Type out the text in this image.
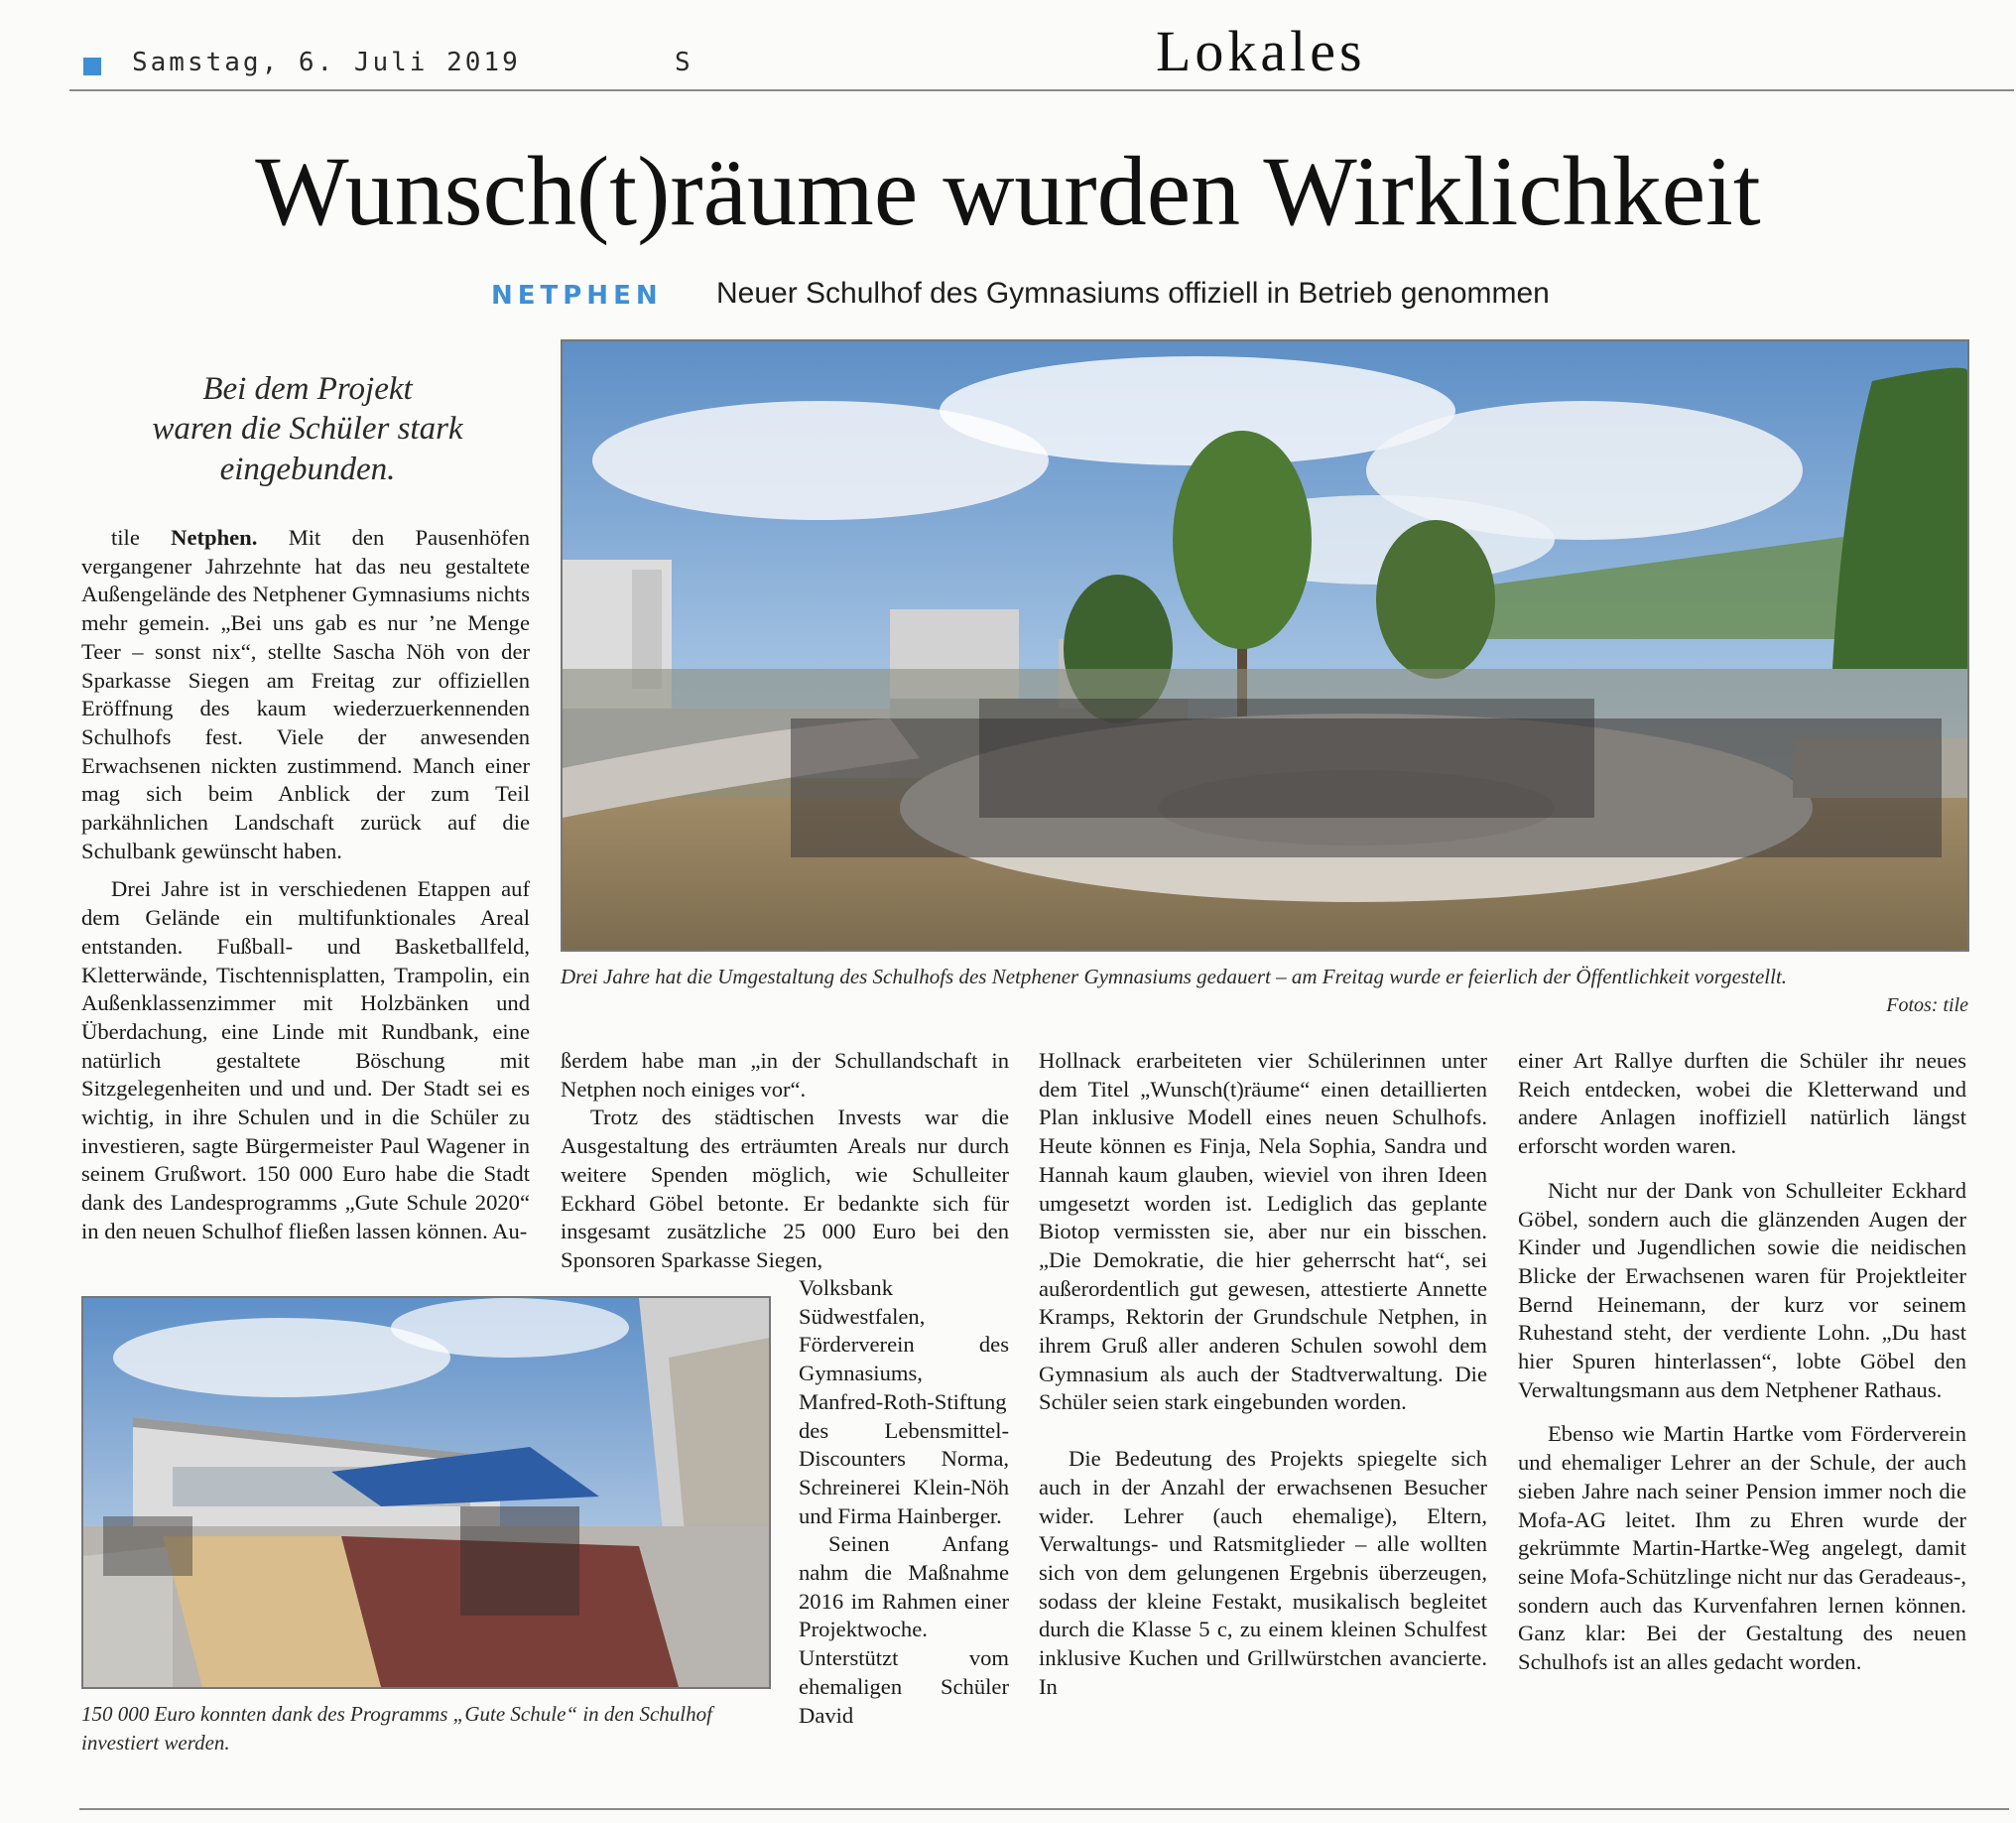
Samstag, 6. Juli 2019	S	Lokales
Wunsch(t)räume wurden Wirklichkeit
NETPHEN Neuer Schulhof des Gymnasiums offiziell in Betrieb genommen
Bei dem Projekt
waren die Schüler stark
eingebunden.
Drei Jahre hat die Umgestaltung des Schulhofs des Netphener Gymnasiums gedauert – am Freitag wurde er feierlich der Öffentlichkeit vorgestellt.
Fotos: tile
150 000 Euro konnten dank des Programms „Gute Schule“ in den Schulhof investiert werden.

tile Netphen. Mit den Pausenhöfen vergangener Jahrzehnte hat das neu gestaltete Außengelände des Netphener Gymnasiums nichts mehr gemein. „Bei uns gab es nur ’ne Menge Teer – sonst nix“, stellte Sascha Nöh von der Sparkasse Siegen am Freitag zur offiziellen Eröffnung des kaum wiederzuerkennenden Schulhofs fest. Viele der anwesenden Erwachsenen nickten zustimmend. Manch einer mag sich beim Anblick der zum Teil parkähnlichen Landschaft zurück auf die Schulbank gewünscht haben.

Drei Jahre ist in verschiedenen Etappen auf dem Gelände ein multifunktionales Areal entstanden. Fußball- und Basketballfeld, Kletterwände, Tischtennisplatten, Trampolin, ein Außenklassenzimmer mit Holzbänken und Überdachung, eine Linde mit Rundbank, eine natürlich gestaltete Böschung mit Sitzgelegenheiten und und und. Der Stadt sei es wichtig, in ihre Schulen und in die Schüler zu investieren, sagte Bürgermeister Paul Wagener in seinem Grußwort. 150 000 Euro habe die Stadt dank des Landesprogramms „Gute Schule 2020“ in den neuen Schulhof fließen lassen können. Au-

ßerdem habe man „in der Schullandschaft in Netphen noch einiges vor“.

Trotz des städtischen Invests war die Ausgestaltung des erträumten Areals nur durch weitere Spenden möglich, wie Schulleiter Eckhard Göbel betonte. Er bedankte sich für insgesamt zusätzliche 25 000 Euro bei den Sponsoren Sparkasse Siegen,

Volksbank Südwestfalen, Förderverein des Gymnasiums, Manfred-Roth-Stiftung des Lebensmittel-Discounters Norma, Schreinerei Klein-Nöh und Firma Hainberger.

Seinen Anfang nahm die Maßnahme 2016 im Rahmen einer Projektwoche. Unterstützt vom ehemaligen Schüler David

Hollnack erarbeiteten vier Schülerinnen unter dem Titel „Wunsch(t)räume“ einen detaillierten Plan inklusive Modell eines neuen Schulhofs. Heute können es Finja, Nela Sophia, Sandra und Hannah kaum glauben, wieviel von ihren Ideen umgesetzt worden ist. Lediglich das geplante Biotop vermissten sie, aber nur ein bisschen. „Die Demokratie, die hier geherrscht hat“, sei außerordentlich gut gewesen, attestierte Annette Kramps, Rektorin der Grundschule Netphen, in ihrem Gruß aller anderen Schulen sowohl dem Gymnasium als auch der Stadtverwaltung. Die Schüler seien stark eingebunden worden.

Die Bedeutung des Projekts spiegelte sich auch in der Anzahl der erwachsenen Besucher wider. Lehrer (auch ehemalige), Eltern, Verwaltungs- und Ratsmitglieder – alle wollten sich von dem gelungenen Ergebnis überzeugen, sodass der kleine Festakt, musikalisch begleitet durch die Klasse 5 c, zu einem kleinen Schulfest inklusive Kuchen und Grillwürstchen avancierte. In

einer Art Rallye durften die Schüler ihr neues Reich entdecken, wobei die Kletterwand und andere Anlagen inoffiziell natürlich längst erforscht worden waren.

Nicht nur der Dank von Schulleiter Eckhard Göbel, sondern auch die glänzenden Augen der Kinder und Jugendlichen sowie die neidischen Blicke der Erwachsenen waren für Projektleiter Bernd Heinemann, der kurz vor seinem Ruhestand steht, der verdiente Lohn. „Du hast hier Spuren hinterlassen“, lobte Göbel den Verwaltungsmann aus dem Netphener Rathaus.

Ebenso wie Martin Hartke vom Förderverein und ehemaliger Lehrer an der Schule, der auch sieben Jahre nach seiner Pension immer noch die Mofa-AG leitet. Ihm zu Ehren wurde der gekrümmte Martin-Hartke-Weg angelegt, damit seine Mofa-Schützlinge nicht nur das Geradeaus-, sondern auch das Kurvenfahren lernen können. Ganz klar: Bei der Gestaltung des neuen Schulhofs ist an alles gedacht worden.
